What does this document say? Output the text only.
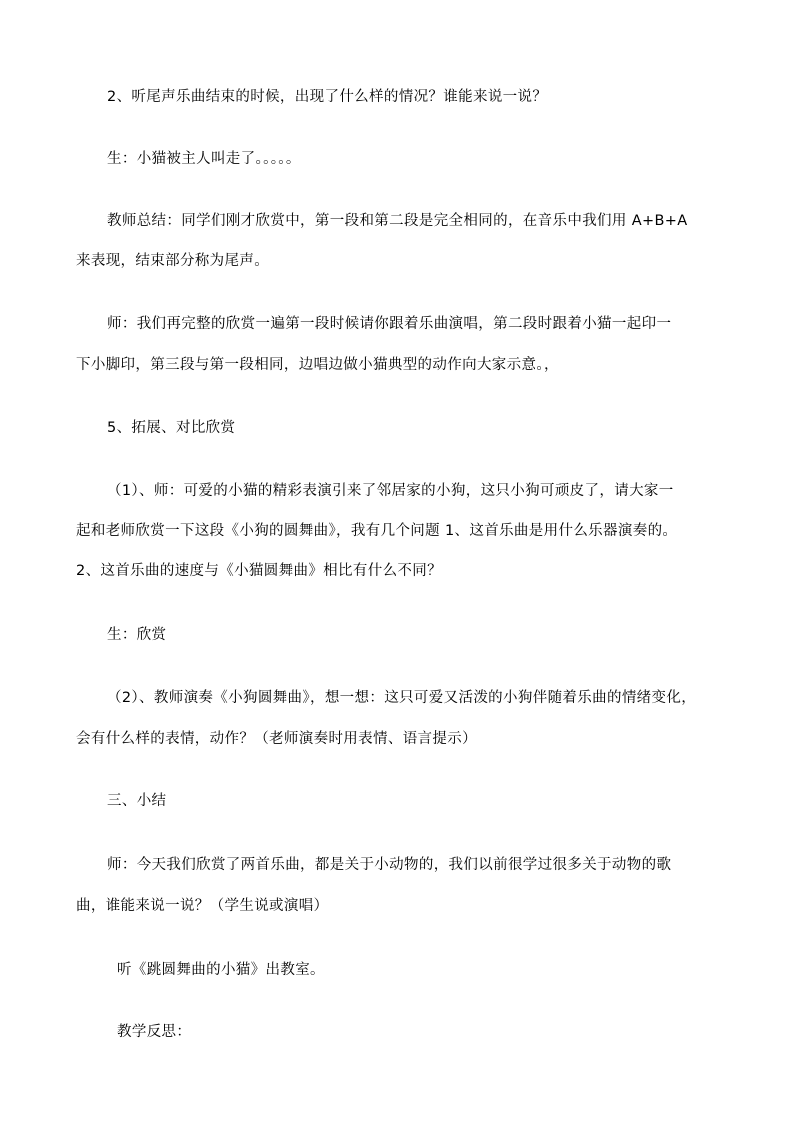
2、听尾声乐曲结束的时候，出现了什么样的情况？谁能来说一说？
生：小猫被主人叫走了。。。。。
教师总结：同学们刚才欣赏中，第一段和第二段是完全相同的，在音乐中我们用 A+B+A
来表现，结束部分称为尾声。
师：我们再完整的欣赏一遍第一段时候请你跟着乐曲演唱，第二段时跟着小猫一起印一
下小脚印，第三段与第一段相同，边唱边做小猫典型的动作向大家示意。，
5、拓展、对比欣赏
（1）、师：可爱的小猫的精彩表演引来了邻居家的小狗，这只小狗可顽皮了，请大家一
起和老师欣赏一下这段《小狗的圆舞曲》，我有几个问题 1、这首乐曲是用什么乐器演奏的。
2、这首乐曲的速度与《小猫圆舞曲》相比有什么不同？
生：欣赏
（2）、教师演奏《小狗圆舞曲》，想一想：这只可爱又活泼的小狗伴随着乐曲的情绪变化，
会有什么样的表情，动作？（老师演奏时用表情、语言提示）
三、小结
师：今天我们欣赏了两首乐曲，都是关于小动物的，我们以前很学过很多关于动物的歌
曲，谁能来说一说？（学生说或演唱）
听《跳圆舞曲的小猫》出教室。
教学反思：
